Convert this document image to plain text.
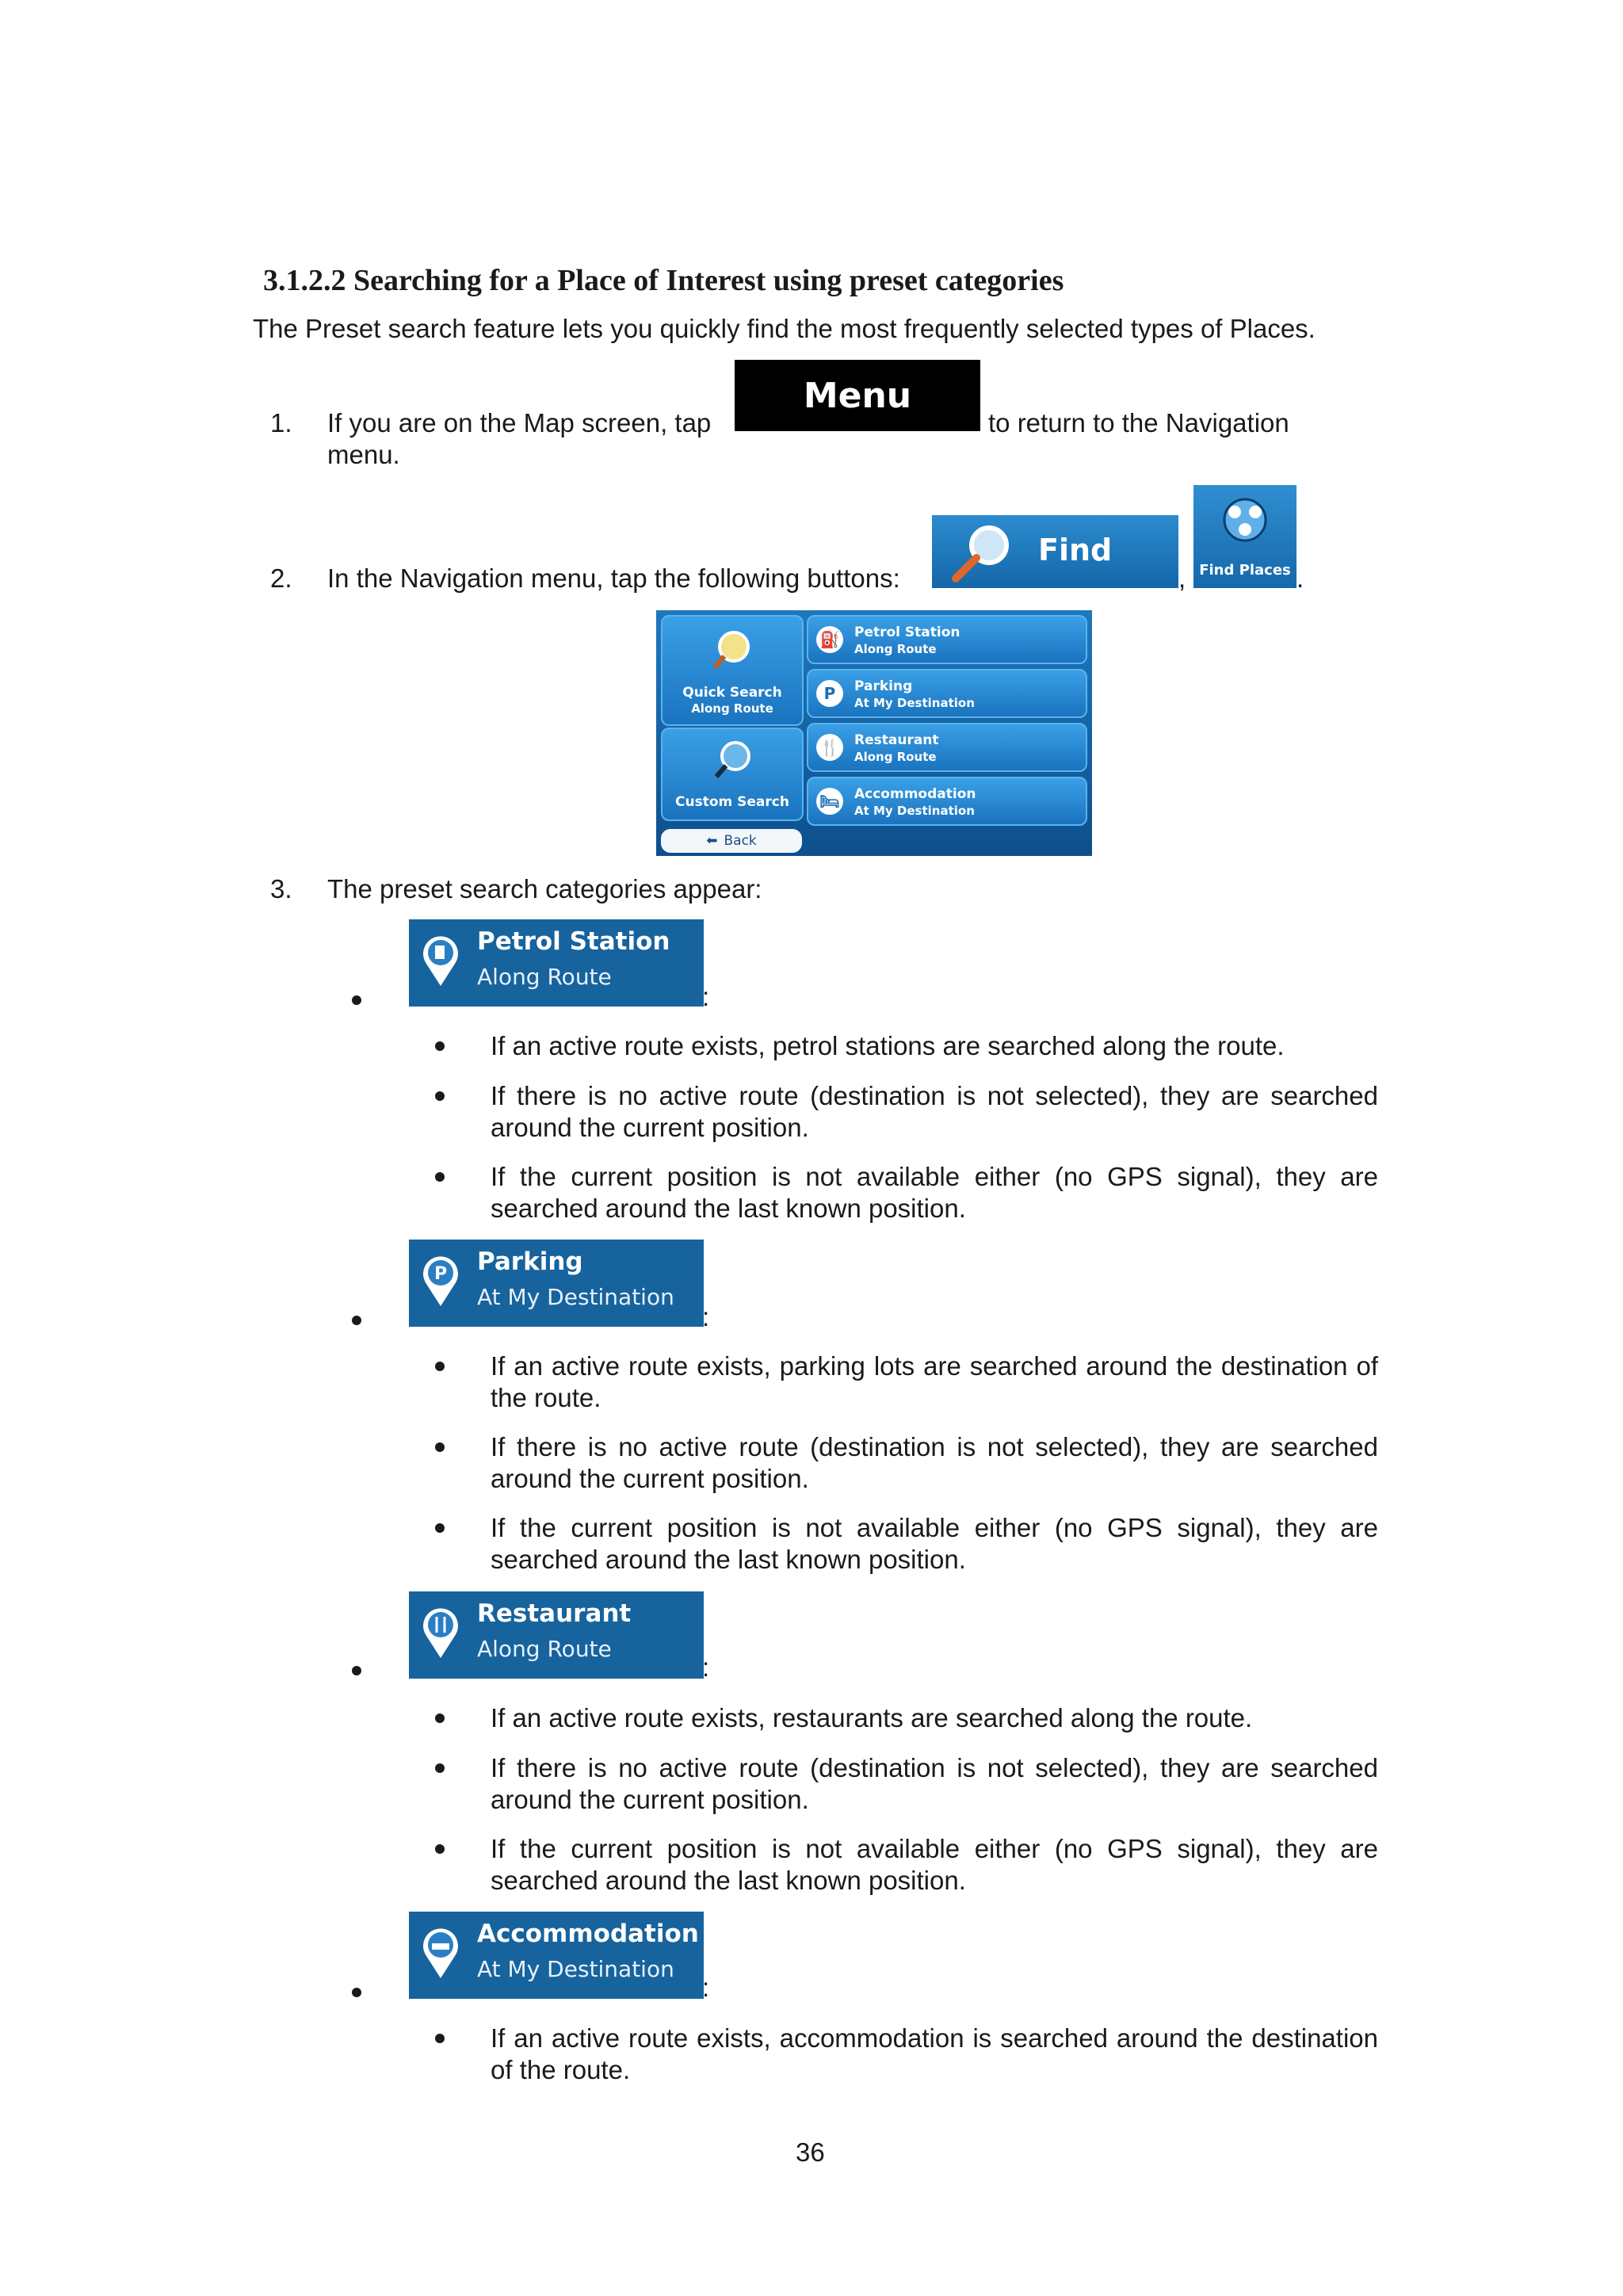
3.1.2.2 Searching for a Place of Interest using preset categories
The Preset search feature lets you quickly find the most frequently selected types of Places.
1. If you are on the Map screen, tap
Menu
to return to the Navigation
menu.
2. In the Navigation menu, tap the following buttons:
Find
, Find Places .
Quick Search
Along Route
Custom Search
⬅ Back
⛽ Petrol Station
Along Route
P	Parking
At My Destination
🍴 Restaurant
Along Route
🛏 Accommodation
At My Destination
3. The preset search categories appear:
Petrol Station
Along Route
:
If an active route exists, petrol stations are searched along the route.
If there is no active route (destination is not selected), they are searched around the current position.
If the current position is not available either (no GPS signal), they are searched around the last known position.
P Parking
At My Destination
:
If an active route exists, parking lots are searched around the destination of the route.
If there is no active route (destination is not selected), they are searched around the current position.
If the current position is not available either (no GPS signal), they are searched around the last known position.
Restaurant
Along Route
:
If an active route exists, restaurants are searched along the route.
If there is no active route (destination is not selected), they are searched around the current position.
If the current position is not available either (no GPS signal), they are searched around the last known position.
Accommodation
At My Destination
:
If an active route exists, accommodation is searched around the destination of the route.
36
